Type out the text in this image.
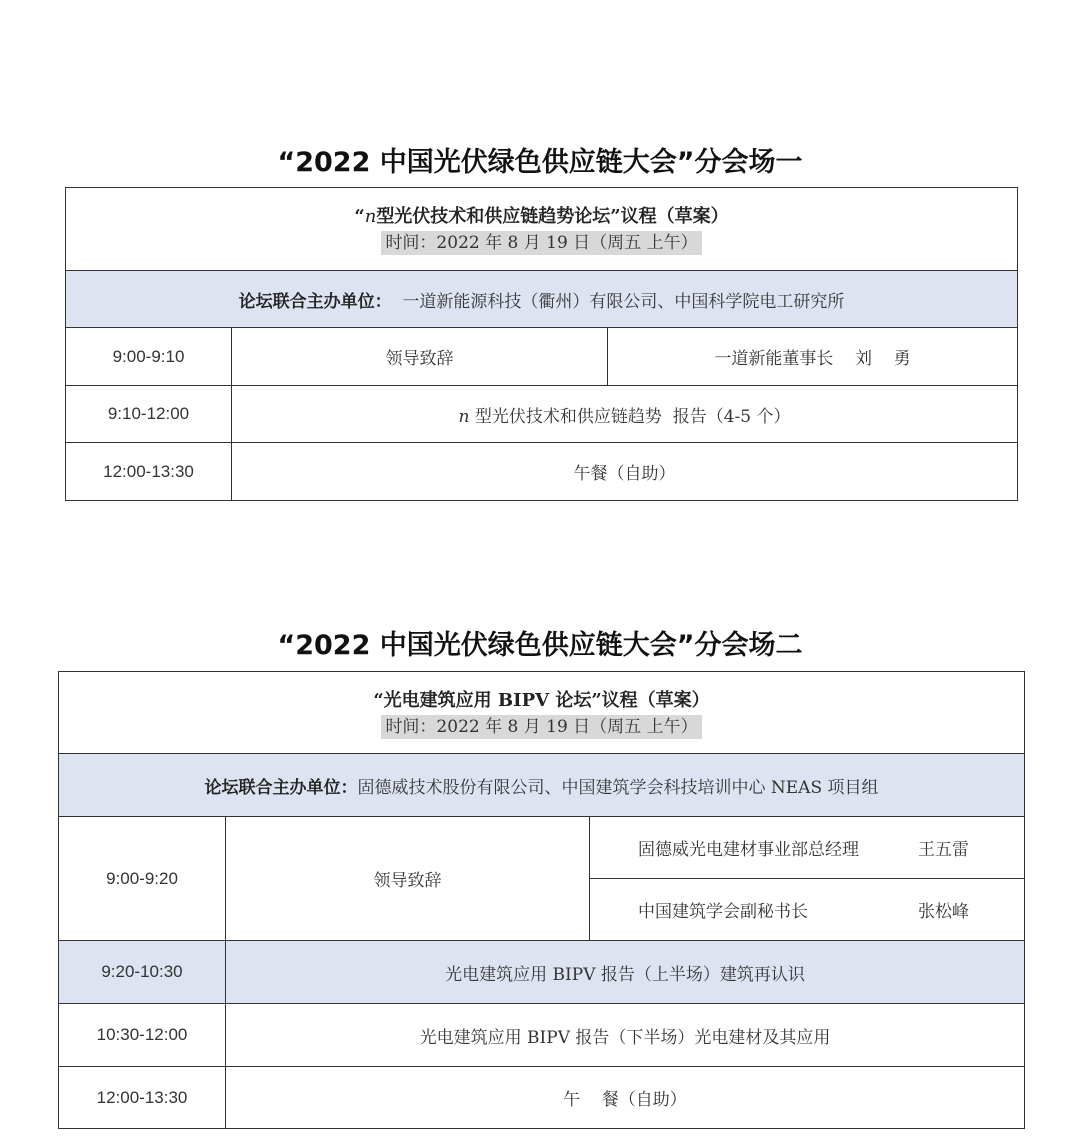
“2022 中国光伏绿色供应链大会”分会场一
“n型光伏技术和供应链趋势论坛”议程（草案）
时间：2022 年 8 月 19 日（周五 上午）		
论坛联合主办单位：  一道新能源科技（衢州）有限公司、中国科学院电工研究所		
9:00-9:10	领导致辞	一道新能董事长    刘    勇
9:10-12:00	n 型光伏技术和供应链趋势  报告（4-5 个）	
12:00-13:30	午餐（自助）	
“2022 中国光伏绿色供应链大会”分会场二
“光电建筑应用 BIPV 论坛”议程（草案）
时间：2022 年 8 月 19 日（周五 上午）		
论坛联合主办单位：固德威技术股份有限公司、中国建筑学会科技培训中心 NEAS 项目组		
9:00-9:20	领导致辞	固德威光电建材事业部总经理 王五雷
		中国建筑学会副秘书长 张松峰
9:20-10:30	光电建筑应用 BIPV 报告（上半场）建筑再认识	
10:30-12:00	光电建筑应用 BIPV 报告（下半场）光电建材及其应用	
12:00-13:30	午    餐（自助）	
